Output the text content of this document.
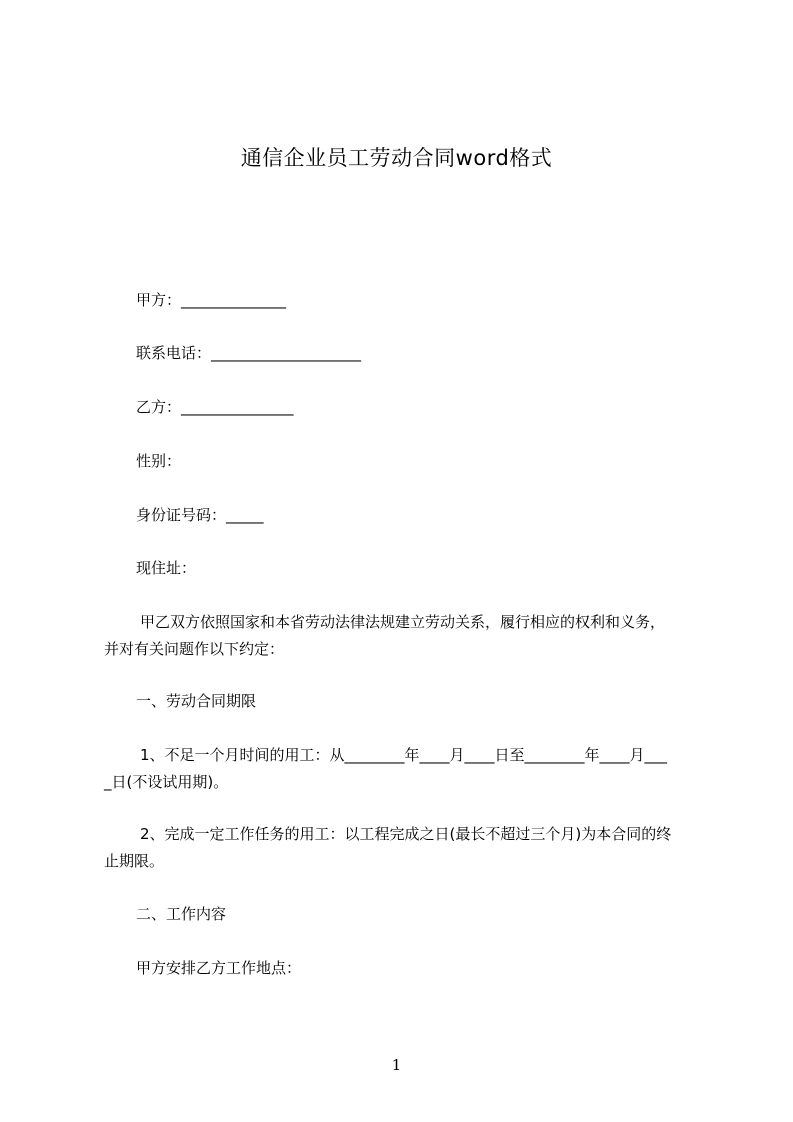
通信企业员工劳动合同word格式
甲方：______________
联系电话：____________________
乙方：_______________
性别：
身份证号码：_____
现住址：
甲乙双方依照国家和本省劳动法律法规建立劳动关系，履行相应的权利和义务，
并对有关问题作以下约定：
一、劳动合同期限
1、不足一个月时间的用工：从________年____月____日至________年____月___
_日(不设试用期)。
2、完成一定工作任务的用工：以工程完成之日(最长不超过三个月)为本合同的终
止期限。
二、工作内容
甲方安排乙方工作地点：
1
